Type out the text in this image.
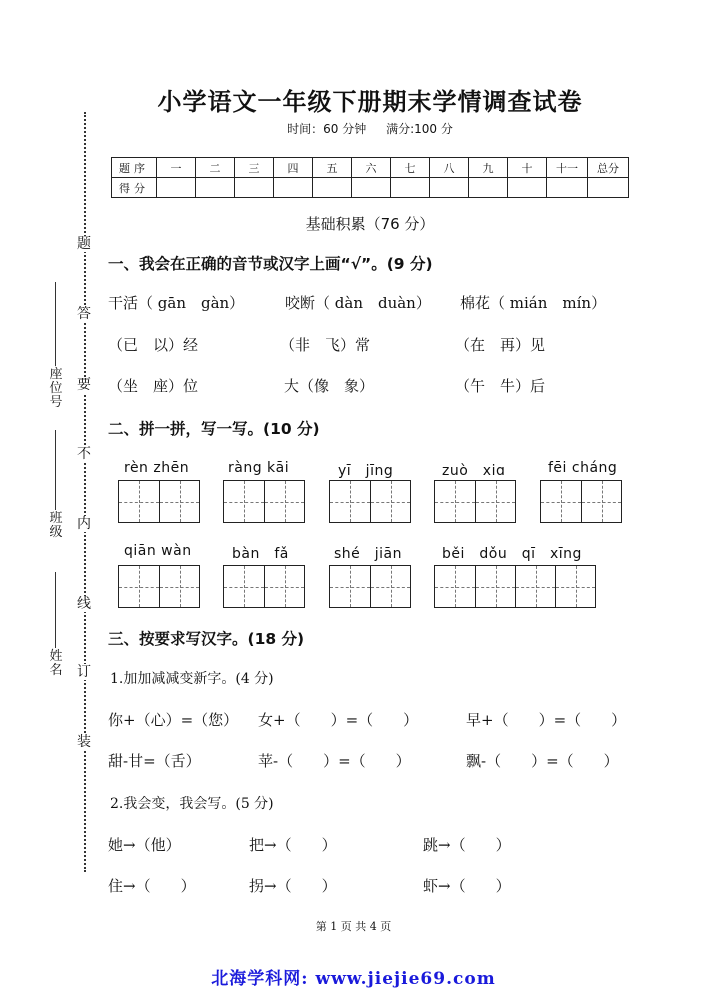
题
答
要
不
内
线
订
装
座位号
班级
姓名
小学语文一年级下册期末学情调查试卷
时间：60 分钟 满分:100 分
题序	一	二	三	四	五	六	七	八	九	十	十一	总分
得分												
基础积累（76 分）
一、我会在正确的音节或汉字上画“√”。(9 分)
干活（ gān　gàn）	咬断（ dàn　duàn） 棉花（ mián　mín）
（已　以）经	（非　飞）常	（在　再）见
（坐　座）位	大（像　象）	（午　牛）后
二、拼一拼，写一写。(10 分)
rèn zhēn	ràng kāi	yī　jīng	zuò　xiɑ	fēi cháng
qiān wàn	bàn　fǎ	shé　jiān	běi　dǒu　qī　xīng
三、按要求写汉字。(18 分)
1.加加减减变新字。(4 分)
你+（心）=（您） 女+（　　）=（　　）	早+（　　）=（　　）
甜-甘=（舌）	苹-（　　）=（　　）	飘-（　　）=（　　）
2.我会变，我会写。(5 分)
她→（他）	把→（　　）	跳→（　　）
住→（　　）	拐→（　　）	虾→（　　）
第 1 页 共 4 页
北海学科网: www.jiejie69.com
